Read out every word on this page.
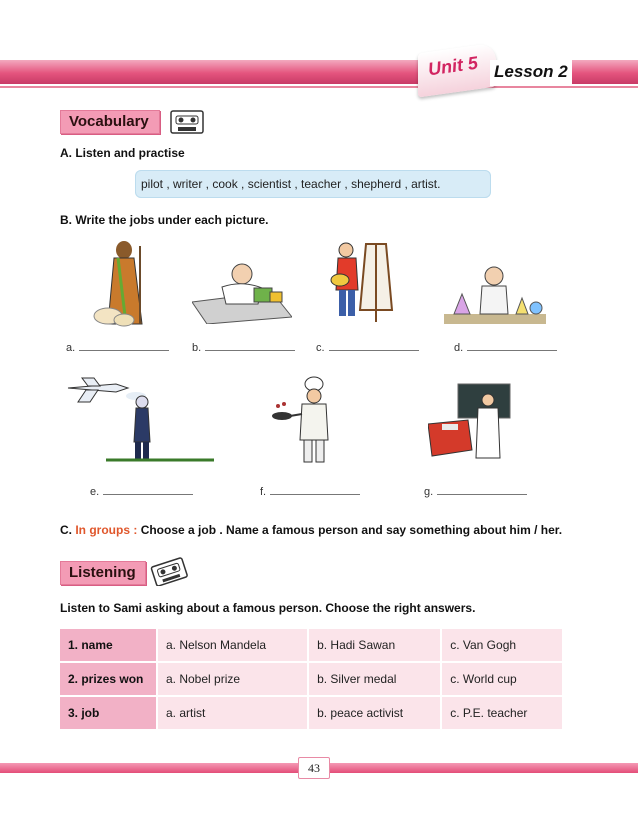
Unit 5 Lesson 2
Vocabulary
A. Listen and practise
pilot , writer , cook , scientist , teacher , shepherd , artist.
B. Write the jobs under each picture.
a.	b.	c.	d.
e.	f.	g.
C. In groups : Choose a job . Name a famous person and say something about him / her.
Listening
Listen to Sami asking about a famous person. Choose the right answers.
1. name	a. Nelson Mandela	b. Hadi Sawan	c. Van Gogh
2. prizes won	a. Nobel prize	b. Silver medal	c. World cup
3. job	a. artist	b. peace activist	c. P.E. teacher
43
